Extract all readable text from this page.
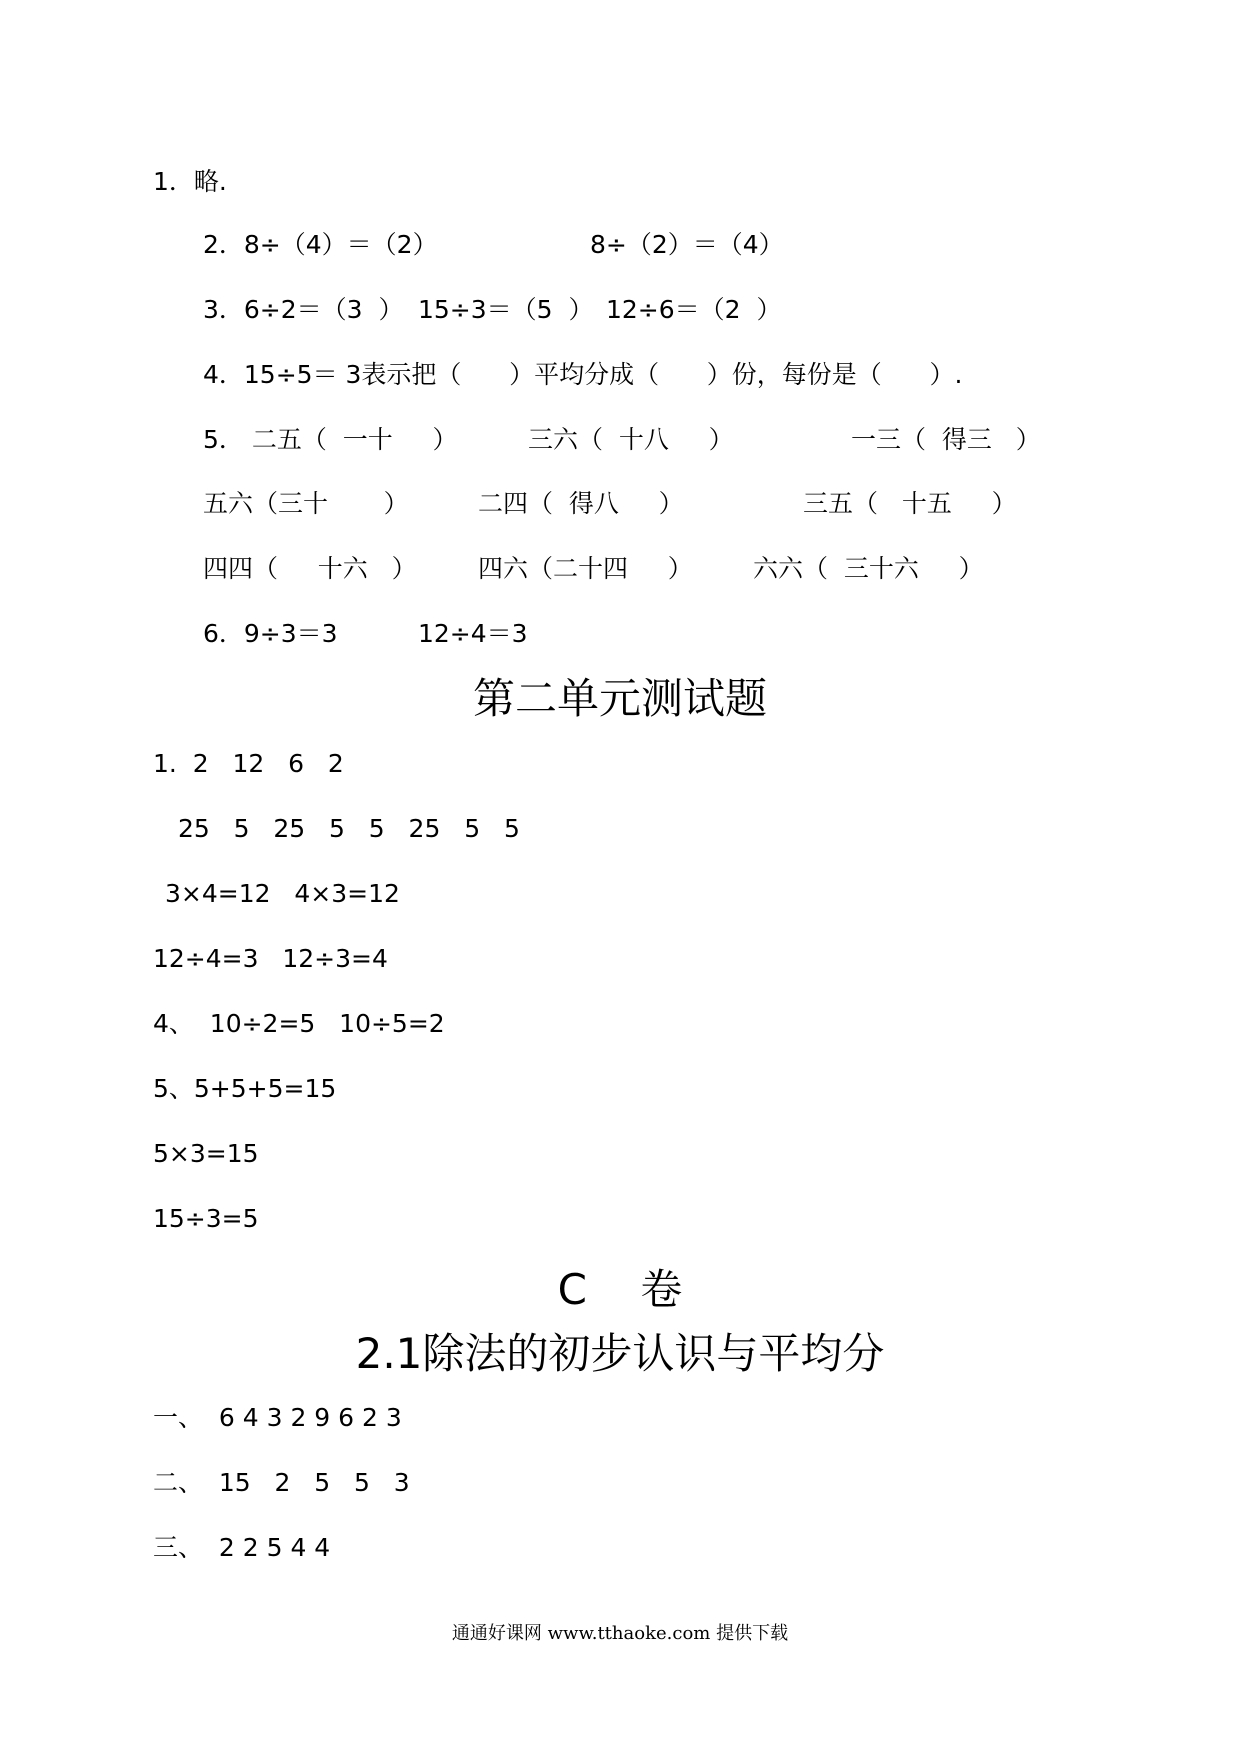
1．略.

2．8÷（4）＝（2）

	8÷（2）＝（4）

3．6÷2＝（3  ）

15÷3＝（5  ）

12÷6＝（2  ）

4．15÷5＝ 3表示把（      ）平均分成（      ）份，每份是（      ）.

5． 二五（  一十     ）

	三六（  十八     ）

	一三（  得三   ）

五六（三十       ）

	二四（  得八     ）

	三五（   十五     ）

四四（     十六   ）

四六（二十四     ）

六六（  三十六     ）

6．9÷3＝3

	12÷4＝3

第二单元测试题
1.  2   12   6   2
25   5   25   5   5   25   5   5
3×4=12   4×3=12
12÷4=3   12÷3=4
4、  10÷2=5   10÷5=2
5、5+5+5=15
5×3=15
15÷3=5
C    卷
2.1除法的初步认识与平均分
一、  6 4 3 2 9 6 2 3
二、  15   2   5   5   3
三、  2 2 5 4 4
通通好课网 www.tthaoke.com 提供下载
